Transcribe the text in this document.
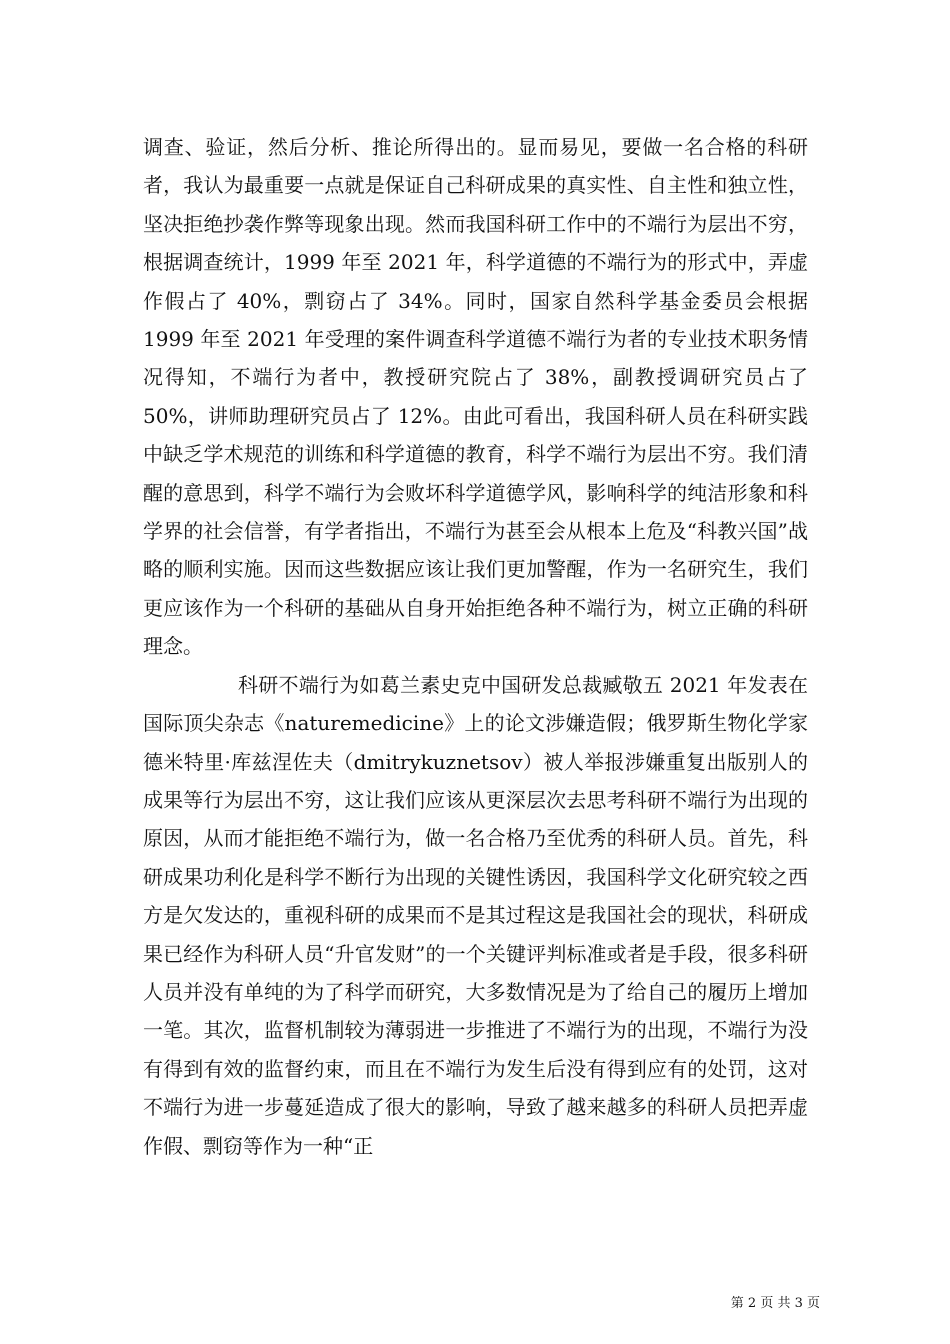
调查、验证，然后分析、推论所得出的。显而易见，要做一名合格的科研者，我认为最重要一点就是保证自己科研成果的真实性、自主性和独立性，坚决拒绝抄袭作弊等现象出现。然而我国科研工作中的不端行为层出不穷，根据调查统计，1999 年至 2021 年，科学道德的不端行为的形式中，弄虚作假占了 40%，剽窃占了 34%。同时，国家自然科学基金委员会根据 1999 年至 2021 年受理的案件调查科学道德不端行为者的专业技术职务情况得知，不端行为者中，教授研究院占了 38%，副教授调研究员占了 50%，讲师助理研究员占了 12%。由此可看出，我国科研人员在科研实践中缺乏学术规范的训练和科学道德的教育，科学不端行为层出不穷。我们清醒的意思到，科学不端行为会败坏科学道德学风，影响科学的纯洁形象和科学界的社会信誉，有学者指出，不端行为甚至会从根本上危及“科教兴国”战略的顺利实施。因而这些数据应该让我们更加警醒，作为一名研究生，我们更应该作为一个科研的基础从自身开始拒绝各种不端行为，树立正确的科研理念。

科研不端行为如葛兰素史克中国研发总裁臧敬五 2021 年发表在国际顶尖杂志《naturemedicine》上的论文涉嫌造假；俄罗斯生物化学家德米特里·库兹涅佐夫（dmitrykuznetsov）被人举报涉嫌重复出版别人的成果等行为层出不穷，这让我们应该从更深层次去思考科研不端行为出现的原因，从而才能拒绝不端行为，做一名合格乃至优秀的科研人员。首先，科研成果功利化是科学不断行为出现的关键性诱因，我国科学文化研究较之西方是欠发达的，重视科研的成果而不是其过程这是我国社会的现状，科研成果已经作为科研人员“升官发财”的一个关键评判标准或者是手段，很多科研人员并没有单纯的为了科学而研究，大多数情况是为了给自己的履历上增加一笔。其次，监督机制较为薄弱进一步推进了不端行为的出现，不端行为没有得到有效的监督约束，而且在不端行为发生后没有得到应有的处罚，这对不端行为进一步蔓延造成了很大的影响，导致了越来越多的科研人员把弄虚作假、剽窃等作为一种“正

第 2 页 共 3 页
